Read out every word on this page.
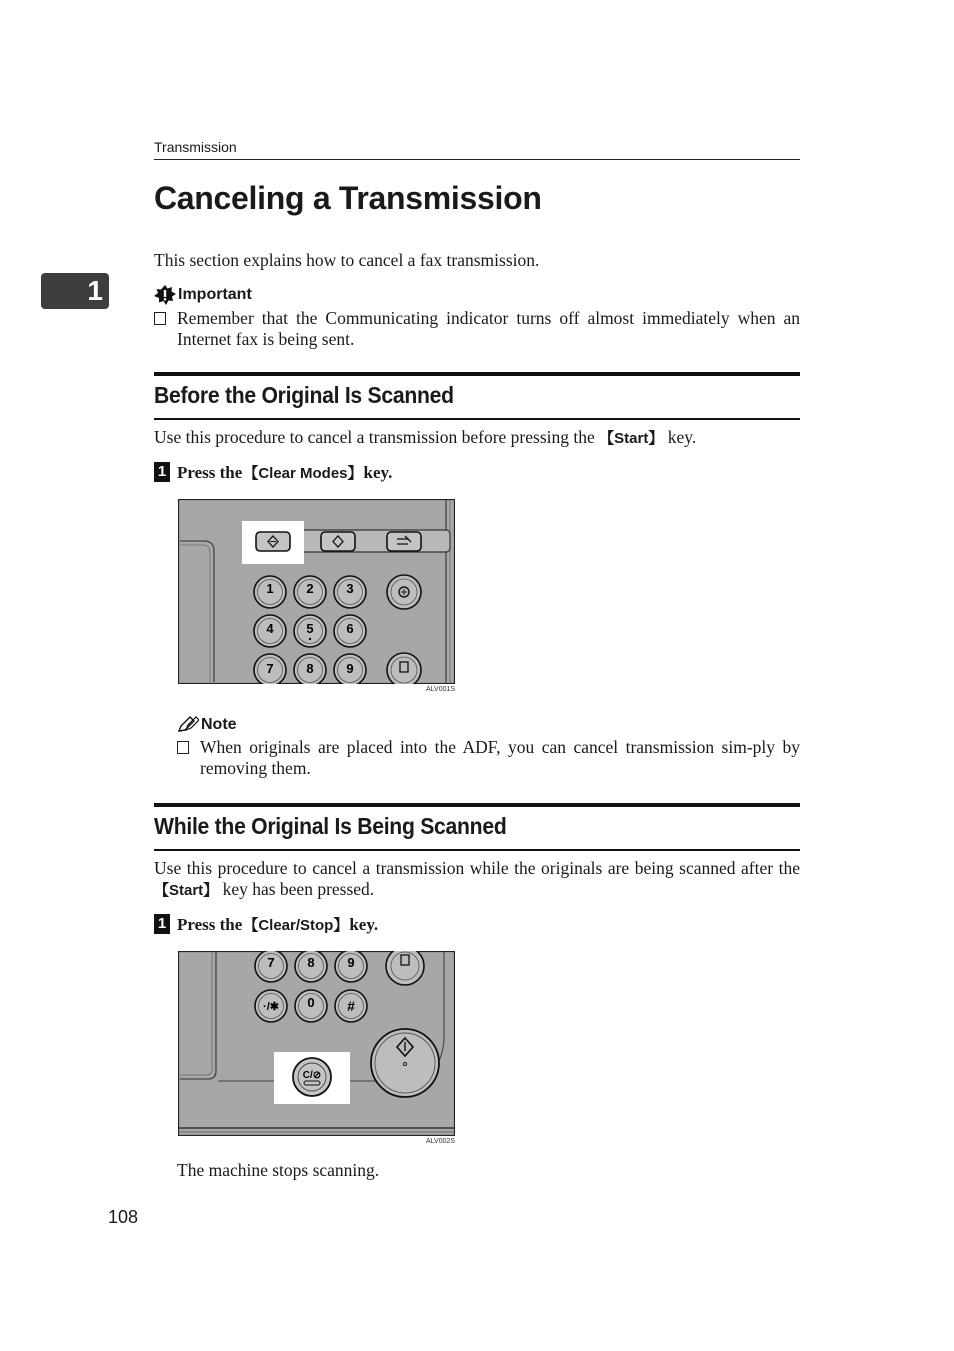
Transmission
Canceling a Transmission
1
This section explains how to cancel a fax transmission.
Important
Remember that the Communicating indicator turns off almost immediately when an Internet fax is being sent.
Before the Original Is Scanned
Use this procedure to cancel a transmission before pressing the 【Start】 key.
1 Press the 【Clear Modes】 key.
1	2	3
4	5	6
7	8	9
ALV001S
Note
When originals are placed into the ADF, you can cancel transmission sim-ply by removing them.
While the Original Is Being Scanned
Use this procedure to cancel a transmission while the originals are being scanned after the 【Start】 key has been pressed.
1 Press the 【Clear/Stop】 key.
7	8	9
·/✱ 0 #
C/⊘
ALV002S
The machine stops scanning.
108
